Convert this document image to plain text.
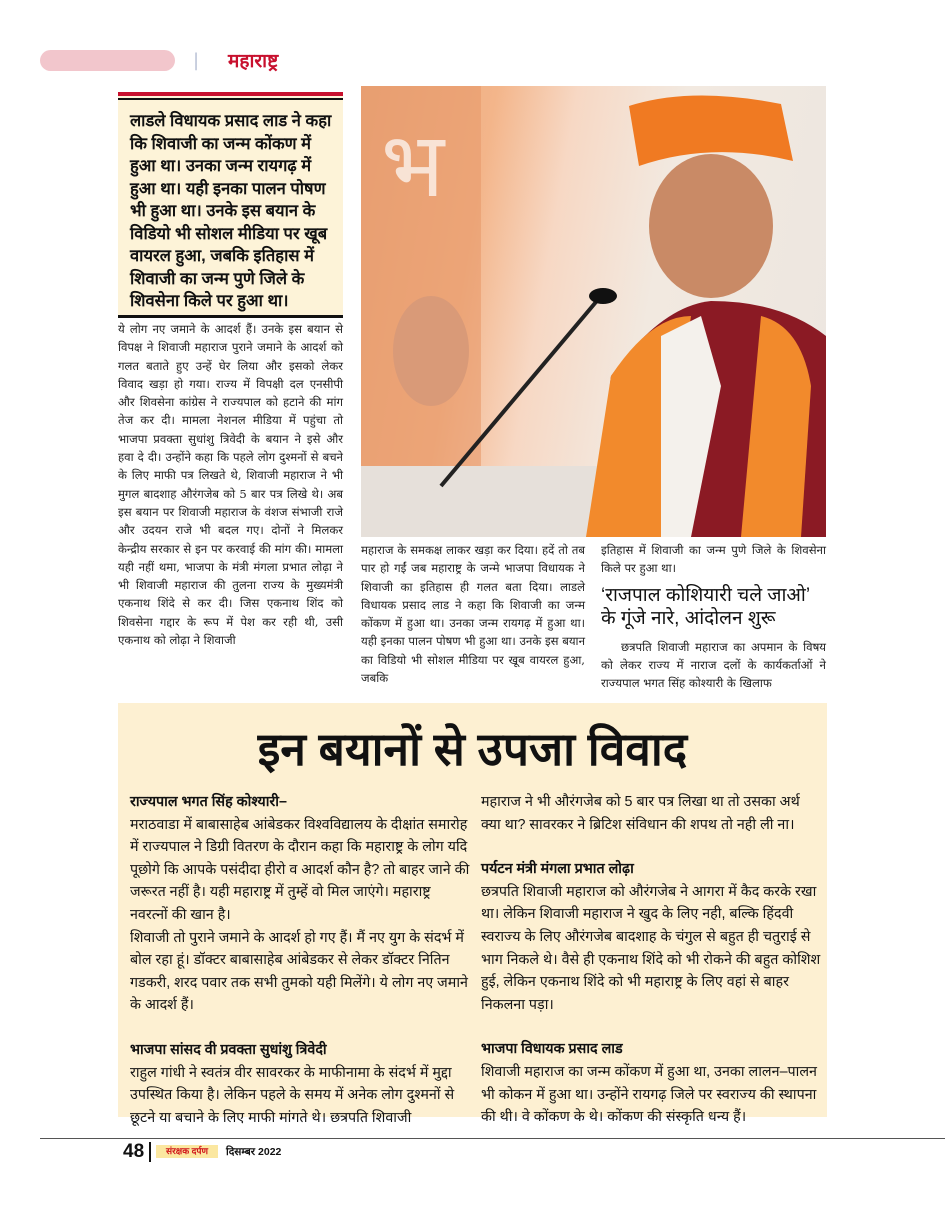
| महाराष्ट्र
लाडले विधायक प्रसाद लाड ने कहा कि शिवाजी का जन्म कोंकण में हुआ था। उनका जन्म रायगढ़ में हुआ था। यही इनका पालन पोषण भी हुआ था। उनके इस बयान के विडियो भी सोशल मीडिया पर खूब वायरल हुआ, जबकि इतिहास में शिवाजी का जन्म पुणे जिले के शिवसेना किले पर हुआ था।

ये लोग नए जमाने के आदर्श हैं। उनके इस बयान से विपक्ष ने शिवाजी महाराज पुराने जमाने के आदर्श को गलत बताते हुए उन्हें घेर लिया और इसको लेकर विवाद खड़ा हो गया। राज्य में विपक्षी दल एनसीपी और शिवसेना कांग्रेस ने राज्यपाल को हटाने की मांग तेज कर दी। मामला नेशनल मीडिया में पहुंचा तो भाजपा प्रवक्ता सुधांशु त्रिवेदी के बयान ने इसे और हवा दे दी। उन्होंने कहा कि पहले लोग दुश्मनों से बचने के लिए माफी पत्र लिखते थे, शिवाजी महाराज ने भी मुगल बादशाह औरंगजेब को 5 बार पत्र लिखे थे। अब इस बयान पर शिवाजी महाराज के वंशज संभाजी राजे और उदयन राजे भी बदल गए। दोनों ने मिलकर केन्द्रीय सरकार से इन पर करवाई की मांग की। मामला यही नहीं थमा, भाजपा के मंत्री मंगला प्रभात लोढ़ा ने भी शिवाजी महाराज की तुलना राज्य के मुख्यमंत्री एकनाथ शिंदे से कर दी। जिस एकनाथ शिंद को शिवसेना गद्दार के रूप में पेश कर रही थी, उसी एकनाथ को लोढ़ा ने शिवाजी

भ

महाराज के समकक्ष लाकर खड़ा कर दिया। हदें तो तब पार हो गईं जब महाराष्ट्र के जन्मे भाजपा विधायक ने शिवाजी का इतिहास ही गलत बता दिया। लाडले विधायक प्रसाद लाड ने कहा कि शिवाजी का जन्म कोंकण में हुआ था। उनका जन्म रायगढ़ में हुआ था। यही इनका पालन पोषण भी हुआ था। उनके इस बयान का विडियो भी सोशल मीडिया पर खूब वायरल हुआ, जबकि

इतिहास में शिवाजी का जन्म पुणे जिले के शिवसेना किले पर हुआ था।

‘राजपाल कोशियारी चले जाओ’ के गूंजे नारे, आंदोलन शुरू

छत्रपति शिवाजी महाराज का अपमान के विषय को लेकर राज्य में नाराज दलों के कार्यकर्ताओं ने राज्यपाल भगत सिंह कोश्यारी के खिलाफ

इन बयानों से उपजा विवाद

राज्यपाल भगत सिंह कोश्यारी–
मराठवाडा में बाबासाहेब आंबेडकर विश्वविद्यालय के दीक्षांत समारोह में राज्यपाल ने डिग्री वितरण के दौरान कहा कि महाराष्ट्र के लोग यदि पूछोगे कि आपके पसंदीदा हीरो व आदर्श कौन है? तो बाहर जाने की जरूरत नहीं है। यही महाराष्ट्र में तुम्हें वो मिल जाएंगे। महाराष्ट्र नवरत्नों की खान है।
शिवाजी तो पुराने जमाने के आदर्श हो गए हैं। मैं नए युग के संदर्भ में बोल रहा हूं। डॉक्टर बाबासाहेब आंबेडकर से लेकर डॉक्टर नितिन गडकरी, शरद पवार तक सभी तुमको यही मिलेंगे। ये लोग नए जमाने के आदर्श हैं।

भाजपा सांसद वी प्रवक्ता सुधांशु त्रिवेदी
राहुल गांधी ने स्वतंत्र वीर सावरकर के माफीनामा के संदर्भ में मुद्दा उपस्थित किया है। लेकिन पहले के समय में अनेक लोग दुश्मनों से छूटने या बचाने के लिए माफी मांगते थे। छत्रपति शिवाजी

महाराज ने भी औरंगजेब को 5 बार पत्र लिखा था तो उसका अर्थ क्या था? सावरकर ने ब्रिटिश संविधान की शपथ तो नही ली ना।

पर्यटन मंत्री मंगला प्रभात लोढ़ा
छत्रपति शिवाजी महाराज को औरंगजेब ने आगरा में कैद करके रखा था। लेकिन शिवाजी महाराज ने खुद के लिए नही, बल्कि हिंदवी स्वराज्य के लिए औरंगजेब बादशाह के चंगुल से बहुत ही चतुराई से भाग निकले थे। वैसे ही एकनाथ शिंदे को भी रोकने की बहुत कोशिश हुई, लेकिन एकनाथ शिंदे को भी महाराष्ट्र के लिए वहां से बाहर निकलना पड़ा।

भाजपा विधायक प्रसाद लाड
शिवाजी महाराज का जन्म कोंकण में हुआ था, उनका लालन–पालन भी कोकन में हुआ था। उन्होंने रायगढ़ जिले पर स्वराज्य की स्थापना की थी। वे कोंकण के थे। कोंकण की संस्कृति धन्य हैं।

48	संरक्षक दर्पण	दिसम्बर 2022
